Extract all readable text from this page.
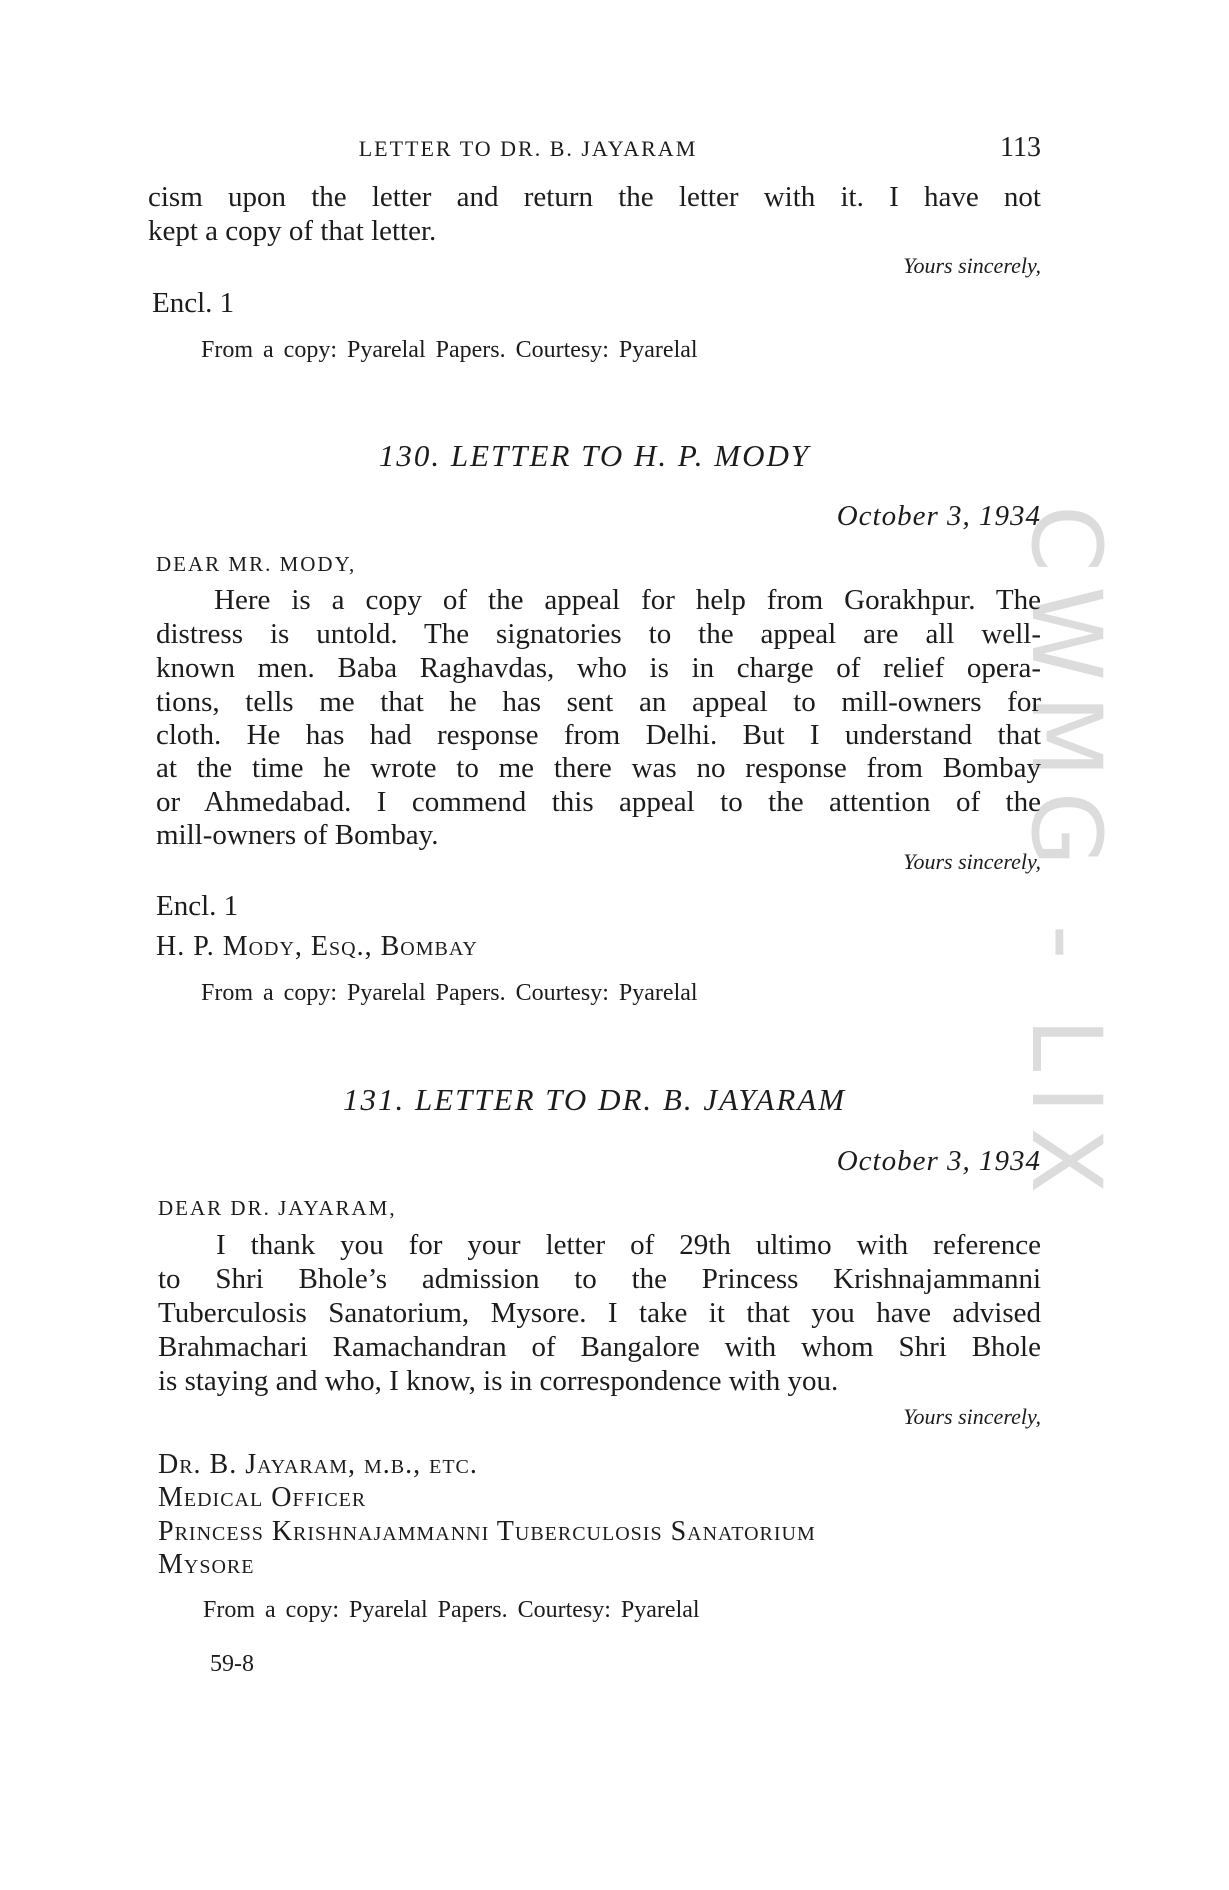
CWMG - LIX
LETTER TO DR. B. JAYARAM	113
cism upon the letter and return the letter with it. I have not
kept a copy of that letter.
Yours sincerely,
Encl. 1
From a copy: Pyarelal Papers. Courtesy: Pyarelal
130. LETTER TO H. P. MODY
October 3, 1934
DEAR MR. MODY,
Here is a copy of the appeal for help from Gorakhpur. The
distress is untold. The signatories to the appeal are all well-
known men. Baba Raghavdas, who is in charge of relief opera-
tions, tells me that he has sent an appeal to mill-owners for
cloth. He has had response from Delhi. But I understand that
at the time he wrote to me there was no response from Bombay
or Ahmedabad. I commend this appeal to the attention of the
mill-owners of Bombay.
Yours sincerely,
Encl. 1
H. P. Mody, Esq., Bombay
From a copy: Pyarelal Papers. Courtesy: Pyarelal
131. LETTER TO DR. B. JAYARAM
October 3, 1934
DEAR DR. JAYARAM,
I thank you for your letter of 29th ultimo with reference
to Shri Bhole’s admission to the Princess Krishnajammanni
Tuberculosis Sanatorium, Mysore. I take it that you have advised
Brahmachari Ramachandran of Bangalore with whom Shri Bhole
is staying and who, I know, is in correspondence with you.
Yours sincerely,
Dr. B. Jayaram, m.b., etc.
Medical Officer
Princess Krishnajammanni Tuberculosis Sanatorium
Mysore
From a copy: Pyarelal Papers. Courtesy: Pyarelal
59-8
